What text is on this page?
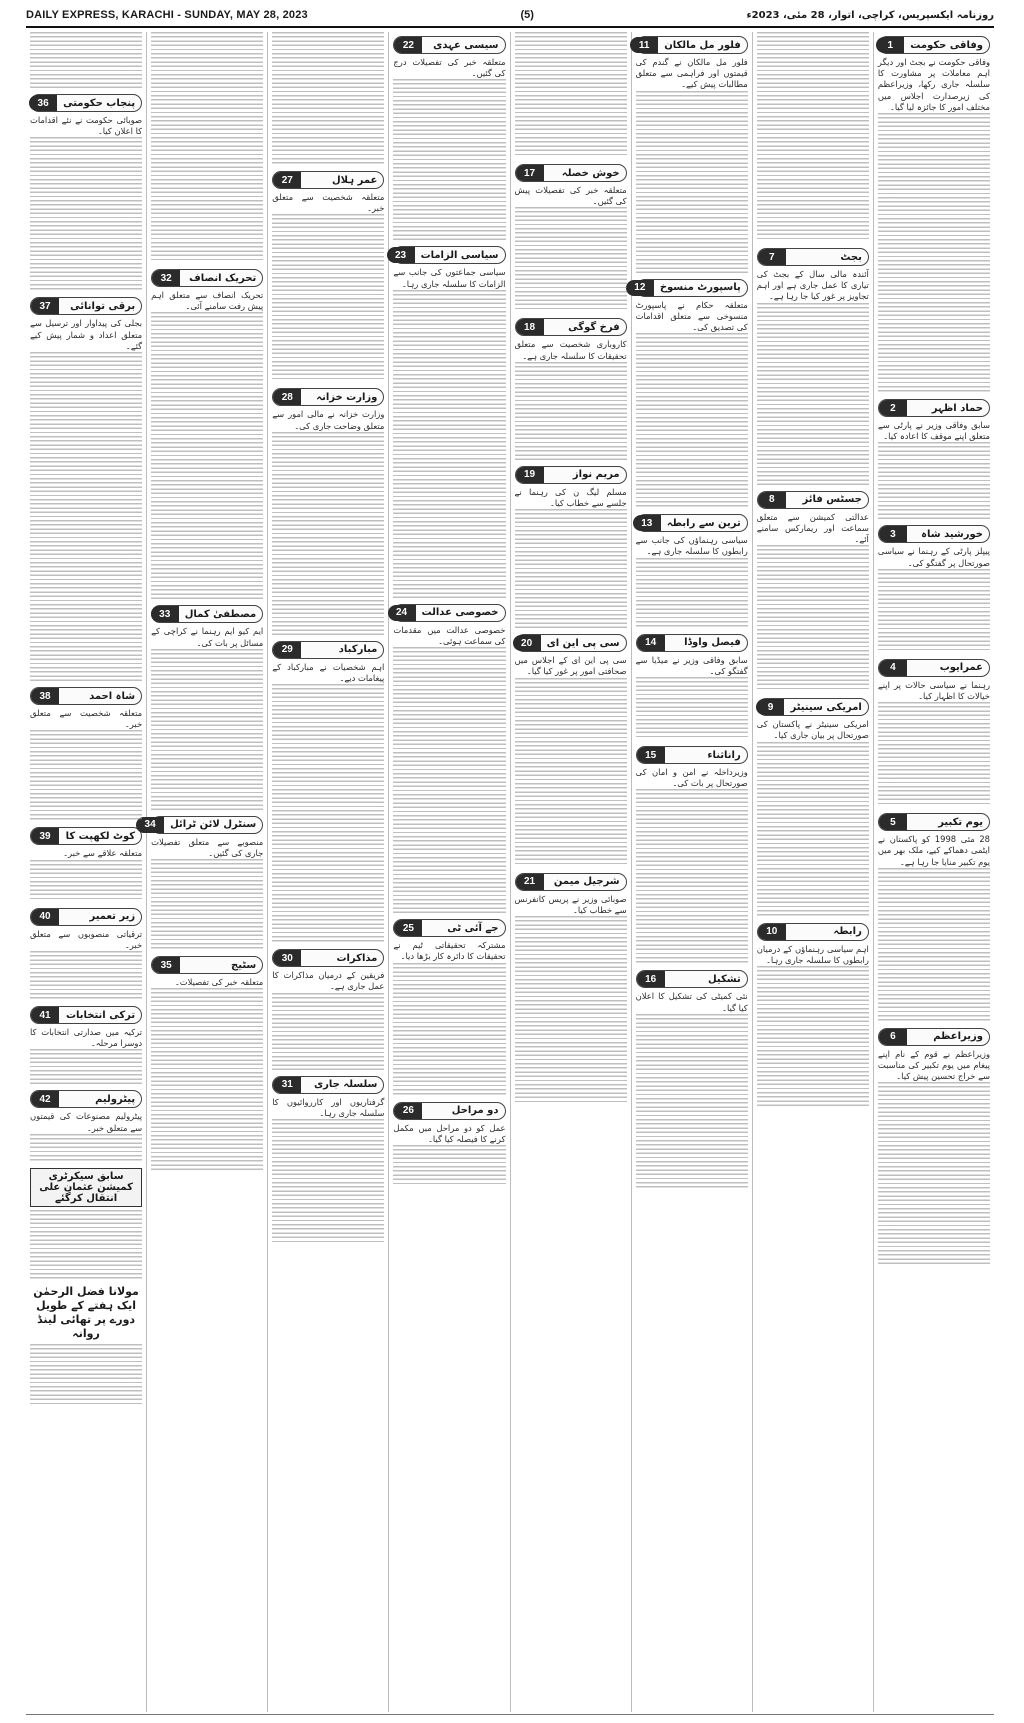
DAILY EXPRESS, KARACHI - SUNDAY, MAY 28, 2023	(5)	روزنامہ ایکسپریس، کراچی، اتوار، 28 مئی، 2023ء
وفاقی حکومت
1

وفاقی حکومت نے بجٹ اور دیگر اہم معاملات پر مشاورت کا سلسلہ جاری رکھا، وزیراعظم کی زیرصدارت اجلاس میں مختلف امور کا جائزہ لیا گیا۔

حماد اظہر
2

سابق وفاقی وزیر نے پارٹی سے متعلق اپنے موقف کا اعادہ کیا۔

خورشید شاہ
3

پیپلز پارٹی کے رہنما نے سیاسی صورتحال پر گفتگو کی۔

عمرایوب
4

رہنما نے سیاسی حالات پر اپنے خیالات کا اظہار کیا۔

یوم تکبیر
5

28 مئی 1998 کو پاکستان نے ایٹمی دھماکے کیے، ملک بھر میں یوم تکبیر منایا جا رہا ہے۔

وزیراعظم
6

وزیراعظم نے قوم کے نام اپنے پیغام میں یوم تکبیر کی مناسبت سے خراج تحسین پیش کیا۔

بجٹ
7

آئندہ مالی سال کے بجٹ کی تیاری کا عمل جاری ہے اور اہم تجاویز پر غور کیا جا رہا ہے۔

جسٹس فائز
8

عدالتی کمیشن سے متعلق سماعت اور ریمارکس سامنے آئے۔

امریکی سینیٹر
9

امریکی سینیٹر نے پاکستان کی صورتحال پر بیان جاری کیا۔

رابطہ
10

اہم سیاسی رہنماؤں کے درمیان رابطوں کا سلسلہ جاری رہا۔

فلور مل مالکان
11

فلور مل مالکان نے گندم کی قیمتوں اور فراہمی سے متعلق مطالبات پیش کیے۔

پاسپورٹ منسوخ
12

متعلقہ حکام نے پاسپورٹ منسوخی سے متعلق اقدامات کی تصدیق کی۔

ترین سے رابطہ
13

سیاسی رہنماؤں کی جانب سے رابطوں کا سلسلہ جاری ہے۔

فیصل واوڈا
14

سابق وفاقی وزیر نے میڈیا سے گفتگو کی۔

راناثناء
15

وزیرداخلہ نے امن و امان کی صورتحال پر بات کی۔

تشکیل
16

نئی کمیٹی کی تشکیل کا اعلان کیا گیا۔

خوش خصلہ
17

متعلقہ خبر کی تفصیلات پیش کی گئیں۔

فرخ گوگی
18

کاروباری شخصیت سے متعلق تحقیقات کا سلسلہ جاری ہے۔

مریم نواز
19

مسلم لیگ ن کی رہنما نے جلسے سے خطاب کیا۔

سی پی این ای
20

سی پی این ای کے اجلاس میں صحافتی امور پر غور کیا گیا۔

شرجیل میمن
21

صوبائی وزیر نے پریس کانفرنس سے خطاب کیا۔

سیسی عہدی
22

متعلقہ خبر کی تفصیلات درج کی گئیں۔

سیاسی الزامات
23

سیاسی جماعتوں کی جانب سے الزامات کا سلسلہ جاری رہا۔

خصوصی عدالت
24

خصوصی عدالت میں مقدمات کی سماعت ہوئی۔

جے آئی ٹی
25

مشترکہ تحقیقاتی ٹیم نے تحقیقات کا دائرہ کار بڑھا دیا۔

دو مراحل
26

عمل کو دو مراحل میں مکمل کرنے کا فیصلہ کیا گیا۔

عمر ہلال
27

متعلقہ شخصیت سے متعلق خبر۔

وزارت خزانہ
28

وزارت خزانہ نے مالی امور سے متعلق وضاحت جاری کی۔

مبارکباد
29

اہم شخصیات نے مبارکباد کے پیغامات دیے۔

مذاکرات
30

فریقین کے درمیان مذاکرات کا عمل جاری ہے۔

سلسلہ جاری
31

گرفتاریوں اور کارروائیوں کا سلسلہ جاری رہا۔

تحریک انصاف
32

تحریک انصاف سے متعلق اہم پیش رفت سامنے آئی۔

مصطفیٰ کمال
33

ایم کیو ایم رہنما نے کراچی کے مسائل پر بات کی۔

سنٹرل لائن ٹرائل
34

منصوبے سے متعلق تفصیلات جاری کی گئیں۔

سٹیج
35

متعلقہ خبر کی تفصیلات۔

پنجاب حکومتی
36

صوبائی حکومت نے نئے اقدامات کا اعلان کیا۔

برقی توانائی
37

بجلی کی پیداوار اور ترسیل سے متعلق اعداد و شمار پیش کیے گئے۔

شاہ احمد
38

متعلقہ شخصیت سے متعلق خبر۔

کوٹ لکھپت کا
39

متعلقہ علاقے سے خبر۔

زیر تعمیر
40

ترقیاتی منصوبوں سے متعلق خبر۔

ترکی انتخابات
41

ترکیہ میں صدارتی انتخابات کا دوسرا مرحلہ۔

پیٹرولیم
42

پیٹرولیم مصنوعات کی قیمتوں سے متعلق خبر۔

سابق سیکرٹری کمیشن عثمان علی انتقال کرگئے
مولانا فضل الرحمٰن ایک ہفتے کے طویل دورے پر تھائی لینڈ روانہ
